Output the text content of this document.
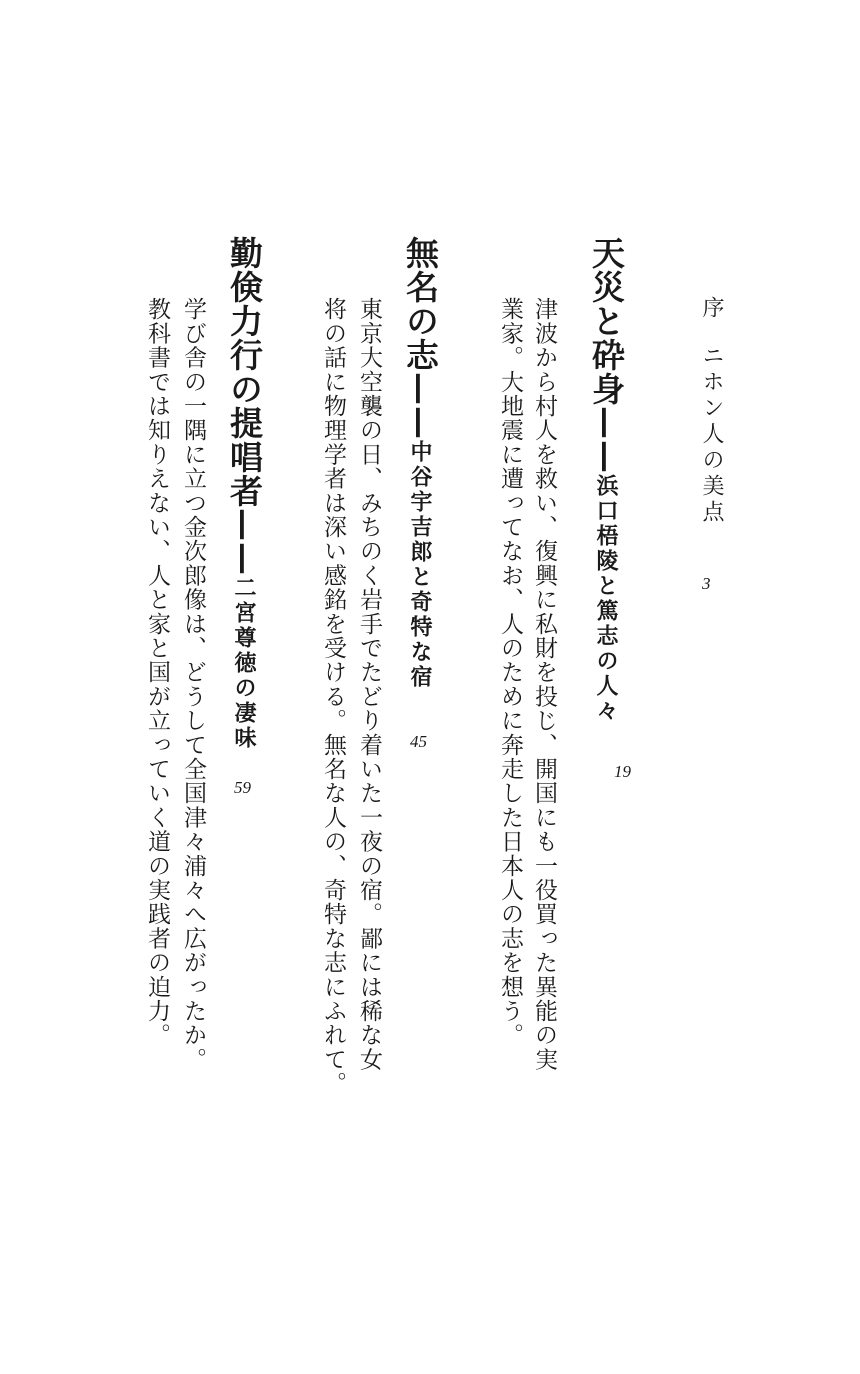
序ニホン人の美点
3
天災と砕身——浜口梧陵と篤志の人々
19
津波から村人を救い、復興に私財を投じ、開国にも一役買った異能の実
業家。大地震に遭ってなお、人のために奔走した日本人の志を想う。
無名の志——中谷宇吉郎と奇特な宿
45
東京大空襲の日、みちのく岩手でたどり着いた一夜の宿。鄙には稀な女
将の話に物理学者は深い感銘を受ける。無名な人の、奇特な志にふれて。
勤倹力行の提唱者——二宮尊徳の凄味
59
学び舎の一隅に立つ金次郎像は、どうして全国津々浦々へ広がったか。
教科書では知りえない、人と家と国が立っていく道の実践者の迫力。
